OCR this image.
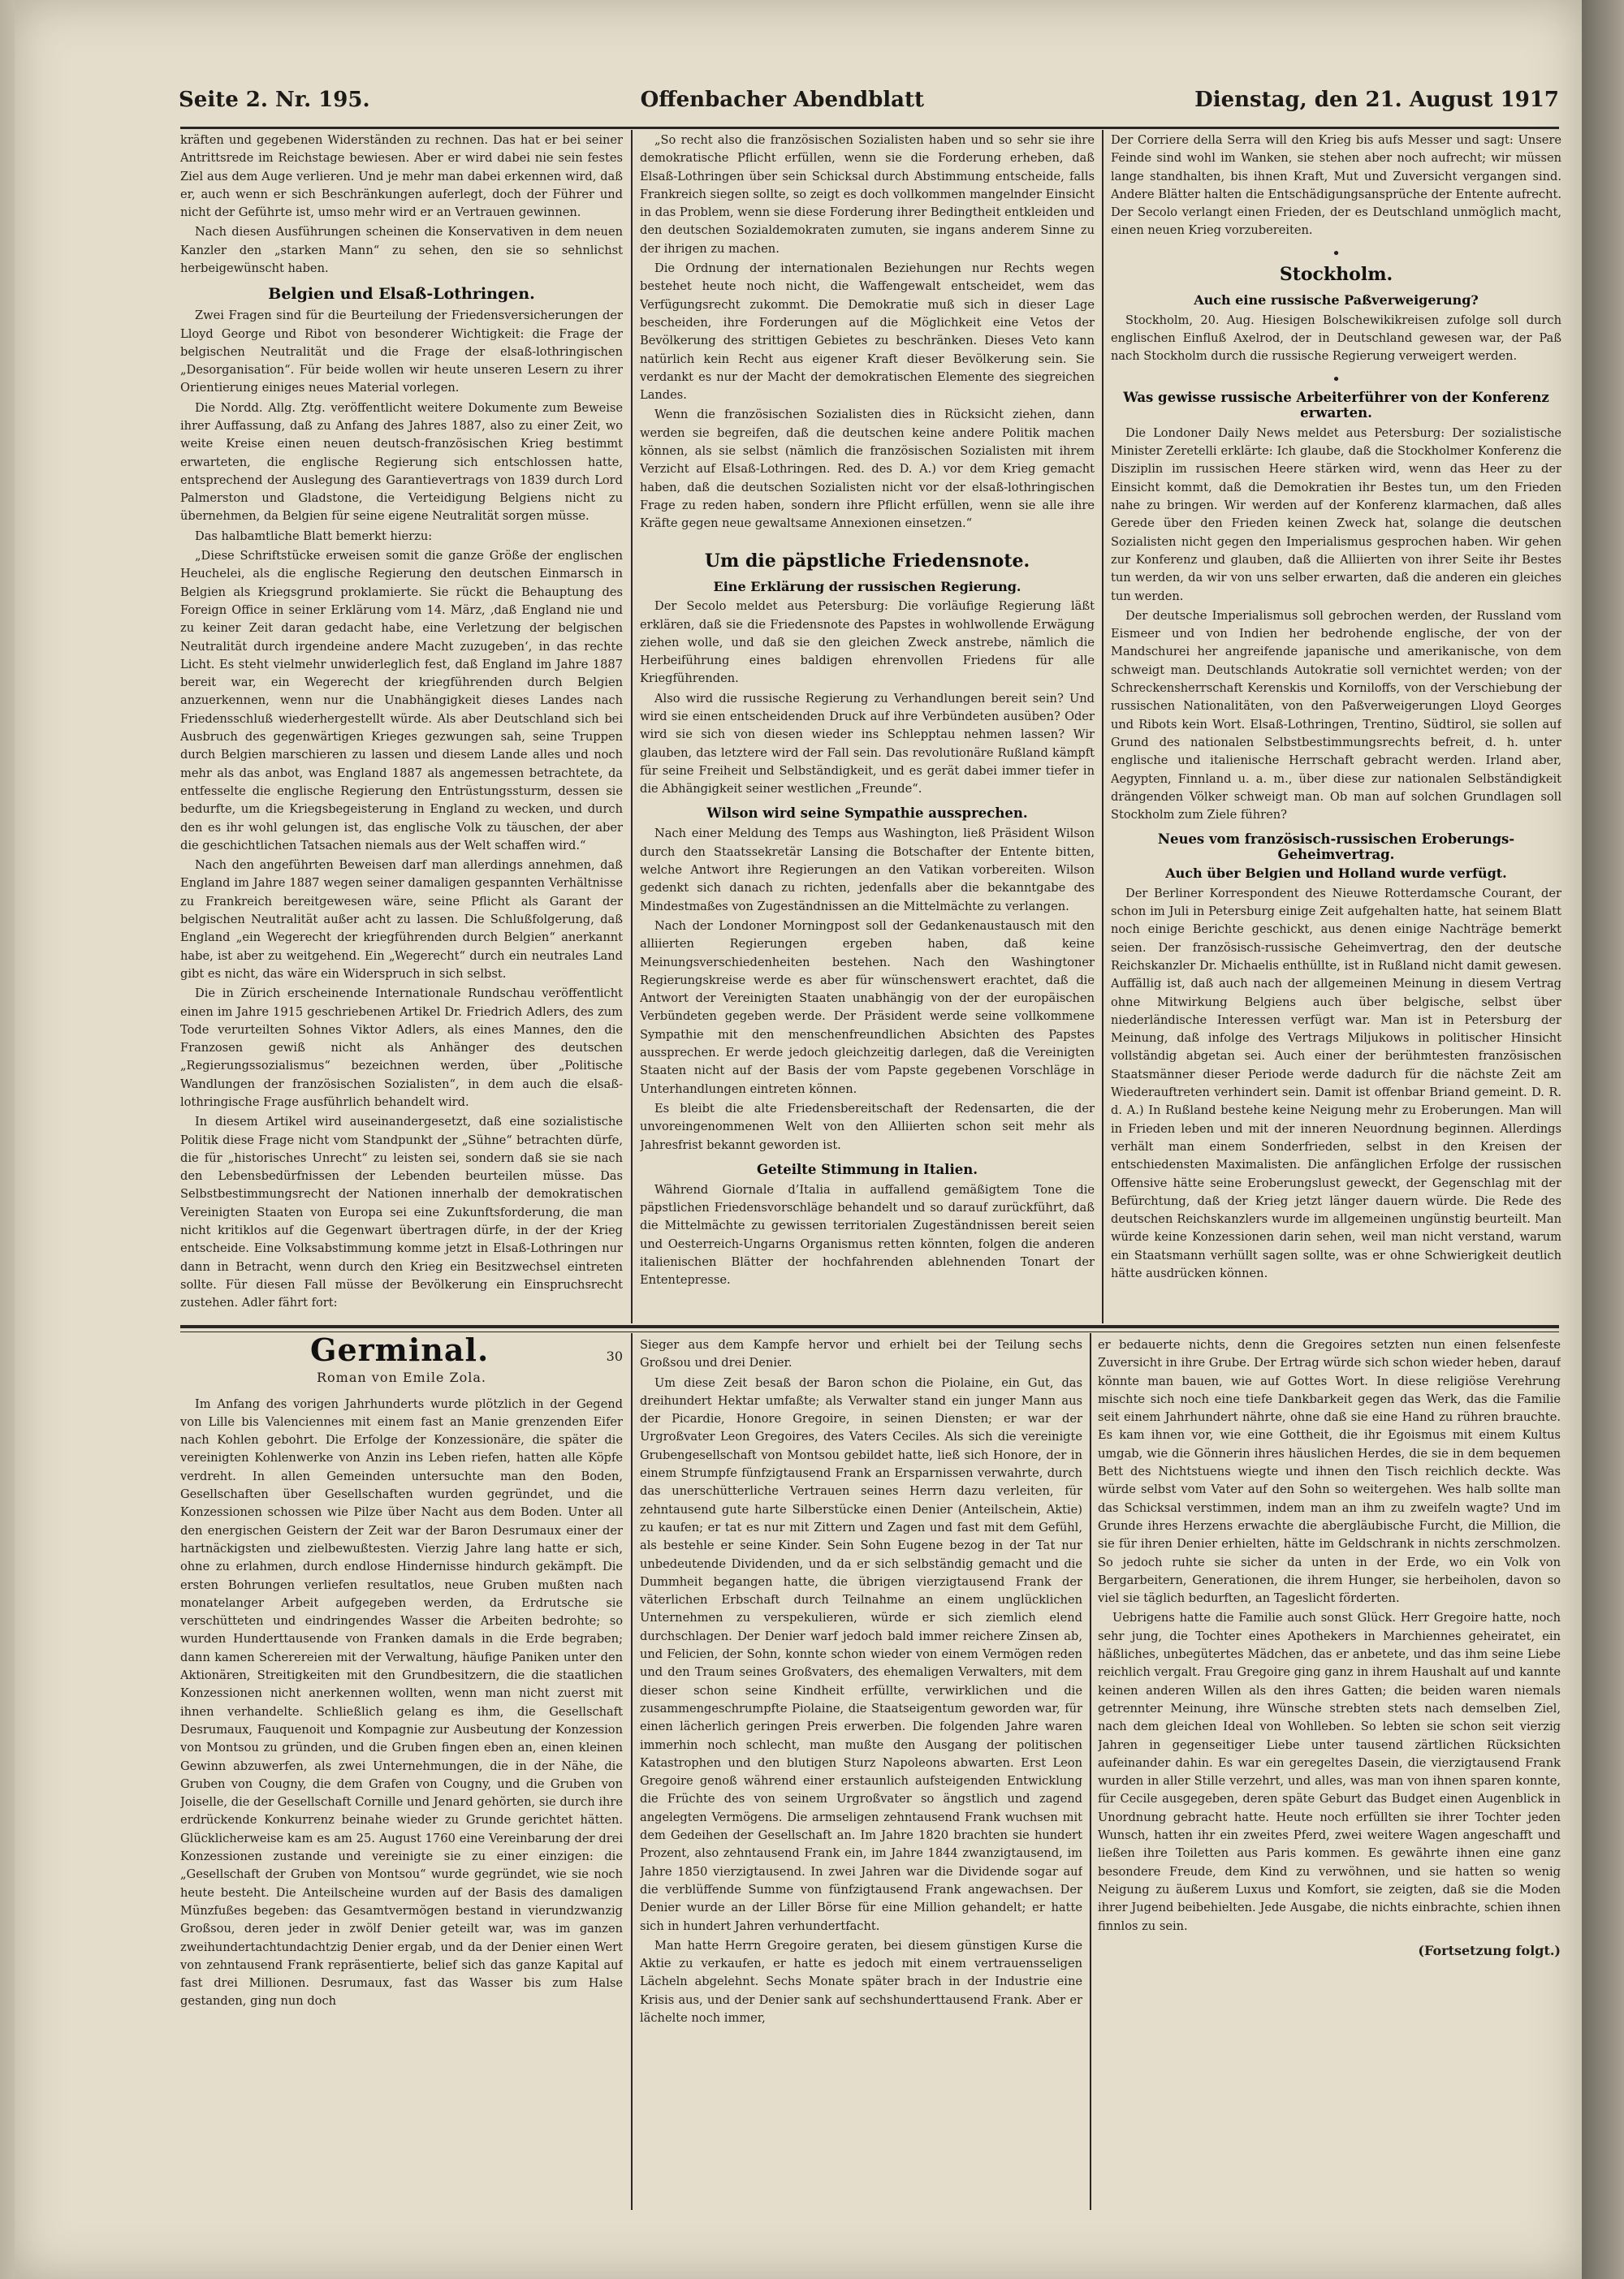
Seite 2. Nr. 195.	Offenbacher Abendblatt	Dienstag, den 21. August 1917

kräften und gegebenen Widerständen zu rechnen. Das hat er bei seiner Antrittsrede im Reichstage bewiesen. Aber er wird dabei nie sein festes Ziel aus dem Auge verlieren. Und je mehr man dabei erkennen wird, daß er, auch wenn er sich Beschränkungen auferlegt, doch der Führer und nicht der Geführte ist, umso mehr wird er an Vertrauen gewinnen.

Nach diesen Ausführungen scheinen die Konservativen in dem neuen Kanzler den „starken Mann“ zu sehen, den sie so sehnlichst herbeigewünscht haben.

Belgien und Elsaß-Lothringen.

Zwei Fragen sind für die Beurteilung der Friedensversicherungen der Lloyd George und Ribot von besonderer Wichtigkeit: die Frage der belgischen Neutralität und die Frage der elsaß-lothringischen „Desorganisation“. Für beide wollen wir heute unseren Lesern zu ihrer Orientierung einiges neues Material vorlegen.

Die Nordd. Allg. Ztg. veröffentlicht weitere Dokumente zum Beweise ihrer Auffassung, daß zu Anfang des Jahres 1887, also zu einer Zeit, wo weite Kreise einen neuen deutsch-französischen Krieg bestimmt erwarteten, die englische Regierung sich entschlossen hatte, entsprechend der Auslegung des Garantievertrags von 1839 durch Lord Palmerston und Gladstone, die Verteidigung Belgiens nicht zu übernehmen, da Belgien für seine eigene Neutralität sorgen müsse.

Das halbamtliche Blatt bemerkt hierzu:

„Diese Schriftstücke erweisen somit die ganze Größe der englischen Heuchelei, als die englische Regierung den deutschen Einmarsch in Belgien als Kriegsgrund proklamierte. Sie rückt die Behauptung des Foreign Office in seiner Erklärung vom 14. März, ‚daß England nie und zu keiner Zeit daran gedacht habe, eine Verletzung der belgischen Neutralität durch irgendeine andere Macht zuzugeben‘, in das rechte Licht. Es steht vielmehr unwiderleglich fest, daß England im Jahre 1887 bereit war, ein Wegerecht der kriegführenden durch Belgien anzuerkennen, wenn nur die Unabhängigkeit dieses Landes nach Friedensschluß wiederhergestellt würde. Als aber Deutschland sich bei Ausbruch des gegenwärtigen Krieges gezwungen sah, seine Truppen durch Belgien marschieren zu lassen und diesem Lande alles und noch mehr als das anbot, was England 1887 als angemessen betrachtete, da entfesselte die englische Regierung den Entrüstungssturm, dessen sie bedurfte, um die Kriegsbegeisterung in England zu wecken, und durch den es ihr wohl gelungen ist, das englische Volk zu täuschen, der aber die geschichtlichen Tatsachen niemals aus der Welt schaffen wird.“

Nach den angeführten Beweisen darf man allerdings annehmen, daß England im Jahre 1887 wegen seiner damaligen gespannten Verhältnisse zu Frankreich bereitgewesen wäre, seine Pflicht als Garant der belgischen Neutralität außer acht zu lassen. Die Schlußfolgerung, daß England „ein Wegerecht der kriegführenden durch Belgien“ anerkannt habe, ist aber zu weitgehend. Ein „Wegerecht“ durch ein neutrales Land gibt es nicht, das wäre ein Widerspruch in sich selbst.

Die in Zürich erscheinende Internationale Rundschau veröffentlicht einen im Jahre 1915 geschriebenen Artikel Dr. Friedrich Adlers, des zum Tode verurteilten Sohnes Viktor Adlers, als eines Mannes, den die Franzosen gewiß nicht als Anhänger des deutschen „Regierungssozialismus“ bezeichnen werden, über „Politische Wandlungen der französischen Sozialisten“, in dem auch die elsaß-lothringische Frage ausführlich behandelt wird.

In diesem Artikel wird auseinandergesetzt, daß eine sozialistische Politik diese Frage nicht vom Standpunkt der „Sühne“ betrachten dürfe, die für „historisches Unrecht“ zu leisten sei, sondern daß sie sie nach den Lebensbedürfnissen der Lebenden beurteilen müsse. Das Selbstbestimmungsrecht der Nationen innerhalb der demokratischen Vereinigten Staaten von Europa sei eine Zukunftsforderung, die man nicht kritiklos auf die Gegenwart übertragen dürfe, in der der Krieg entscheide. Eine Volksabstimmung komme jetzt in Elsaß-Lothringen nur dann in Betracht, wenn durch den Krieg ein Besitzwechsel eintreten sollte. Für diesen Fall müsse der Bevölkerung ein Einspruchsrecht zustehen. Adler fährt fort:

„So recht also die französischen Sozialisten haben und so sehr sie ihre demokratische Pflicht erfüllen, wenn sie die Forderung erheben, daß Elsaß-Lothringen über sein Schicksal durch Abstimmung entscheide, falls Frankreich siegen sollte, so zeigt es doch vollkommen mangelnder Einsicht in das Problem, wenn sie diese Forderung ihrer Bedingtheit entkleiden und den deutschen Sozialdemokraten zumuten, sie ingans anderem Sinne zu der ihrigen zu machen.

Die Ordnung der internationalen Beziehungen nur Rechts wegen bestehet heute noch nicht, die Waffengewalt entscheidet, wem das Verfügungsrecht zukommt. Die Demokratie muß sich in dieser Lage bescheiden, ihre Forderungen auf die Möglichkeit eine Vetos der Bevölkerung des strittigen Gebietes zu beschränken. Dieses Veto kann natürlich kein Recht aus eigener Kraft dieser Bevölkerung sein. Sie verdankt es nur der Macht der demokratischen Elemente des siegreichen Landes.

Wenn die französischen Sozialisten dies in Rücksicht ziehen, dann werden sie begreifen, daß die deutschen keine andere Politik machen können, als sie selbst (nämlich die französischen Sozialisten mit ihrem Verzicht auf Elsaß-Lothringen. Red. des D. A.) vor dem Krieg gemacht haben, daß die deutschen Sozialisten nicht vor der elsaß-lothringischen Frage zu reden haben, sondern ihre Pflicht erfüllen, wenn sie alle ihre Kräfte gegen neue gewaltsame Annexionen einsetzen.“

Um die päpstliche Friedensnote.
Eine Erklärung der russischen Regierung.

Der Secolo meldet aus Petersburg: Die vorläufige Regierung läßt erklären, daß sie die Friedensnote des Papstes in wohlwollende Erwägung ziehen wolle, und daß sie den gleichen Zweck anstrebe, nämlich die Herbeiführung eines baldigen ehrenvollen Friedens für alle Kriegführenden.

Also wird die russische Regierung zu Verhandlungen bereit sein? Und wird sie einen entscheidenden Druck auf ihre Verbündeten ausüben? Oder wird sie sich von diesen wieder ins Schlepptau nehmen lassen? Wir glauben, das letztere wird der Fall sein. Das revolutionäre Rußland kämpft für seine Freiheit und Selbständigkeit, und es gerät dabei immer tiefer in die Abhängigkeit seiner westlichen „Freunde“.

Wilson wird seine Sympathie aussprechen.

Nach einer Meldung des Temps aus Washington, ließ Präsident Wilson durch den Staatssekretär Lansing die Botschafter der Entente bitten, welche Antwort ihre Regierungen an den Vatikan vorbereiten. Wilson gedenkt sich danach zu richten, jedenfalls aber die bekanntgabe des Mindestmaßes von Zugeständnissen an die Mittelmächte zu verlangen.

Nach der Londoner Morningpost soll der Gedankenaustausch mit den alliierten Regierungen ergeben haben, daß keine Meinungsverschiedenheiten bestehen. Nach den Washingtoner Regierungskreise werde es aber für wünschenswert erachtet, daß die Antwort der Vereinigten Staaten unabhängig von der der europäischen Verbündeten gegeben werde. Der Präsident werde seine vollkommene Sympathie mit den menschenfreundlichen Absichten des Papstes aussprechen. Er werde jedoch gleichzeitig darlegen, daß die Vereinigten Staaten nicht auf der Basis der vom Papste gegebenen Vorschläge in Unterhandlungen eintreten können.

Es bleibt die alte Friedensbereitschaft der Redensarten, die der unvoreingenommenen Welt von den Alliierten schon seit mehr als Jahresfrist bekannt geworden ist.

Geteilte Stimmung in Italien.

Während Giornale d’Italia in auffallend gemäßigtem Tone die päpstlichen Friedensvorschläge behandelt und so darauf zurückführt, daß die Mittelmächte zu gewissen territorialen Zugeständnissen bereit seien und Oesterreich-Ungarns Organismus retten könnten, folgen die anderen italienischen Blätter der hochfahrenden ablehnenden Tonart der Ententepresse.

Der Corriere della Serra will den Krieg bis aufs Messer und sagt: Unsere Feinde sind wohl im Wanken, sie stehen aber noch aufrecht; wir müssen lange standhalten, bis ihnen Kraft, Mut und Zuversicht vergangen sind. Andere Blätter halten die Entschädigungsansprüche der Entente aufrecht. Der Secolo verlangt einen Frieden, der es Deutschland unmöglich macht, einen neuen Krieg vorzubereiten.

•
Stockholm.
Auch eine russische Paßverweigerung?

Stockholm, 20. Aug. Hiesigen Bolschewikikreisen zufolge soll durch englischen Einfluß Axelrod, der in Deutschland gewesen war, der Paß nach Stockholm durch die russische Regierung verweigert werden.

•
Was gewisse russische Arbeiterführer von der Konferenz erwarten.

Die Londoner Daily News meldet aus Petersburg: Der sozialistische Minister Zeretelli erklärte: Ich glaube, daß die Stockholmer Konferenz die Disziplin im russischen Heere stärken wird, wenn das Heer zu der Einsicht kommt, daß die Demokratien ihr Bestes tun, um den Frieden nahe zu bringen. Wir werden auf der Konferenz klarmachen, daß alles Gerede über den Frieden keinen Zweck hat, solange die deutschen Sozialisten nicht gegen den Imperialismus gesprochen haben. Wir gehen zur Konferenz und glauben, daß die Alliierten von ihrer Seite ihr Bestes tun werden, da wir von uns selber erwarten, daß die anderen ein gleiches tun werden.

Der deutsche Imperialismus soll gebrochen werden, der Russland vom Eismeer und von Indien her bedrohende englische, der von der Mandschurei her angreifende japanische und amerikanische, von dem schweigt man. Deutschlands Autokratie soll vernichtet werden; von der Schreckensherrschaft Kerenskis und Korniloffs, von der Verschiebung der russischen Nationalitäten, von den Paßverweigerungen Lloyd Georges und Ribots kein Wort. Elsaß-Lothringen, Trentino, Südtirol, sie sollen auf Grund des nationalen Selbstbestimmungsrechts befreit, d. h. unter englische und italienische Herrschaft gebracht werden. Irland aber, Aegypten, Finnland u. a. m., über diese zur nationalen Selbständigkeit drängenden Völker schweigt man. Ob man auf solchen Grundlagen soll Stockholm zum Ziele führen?

Neues vom französisch-russischen Eroberungs-Geheimvertrag.
Auch über Belgien und Holland wurde verfügt.

Der Berliner Korrespondent des Nieuwe Rotterdamsche Courant, der schon im Juli in Petersburg einige Zeit aufgehalten hatte, hat seinem Blatt noch einige Berichte geschickt, aus denen einige Nachträge bemerkt seien. Der französisch-russische Geheimvertrag, den der deutsche Reichskanzler Dr. Michaelis enthüllte, ist in Rußland nicht damit gewesen. Auffällig ist, daß auch nach der allgemeinen Meinung in diesem Vertrag ohne Mitwirkung Belgiens auch über belgische, selbst über niederländische Interessen verfügt war. Man ist in Petersburg der Meinung, daß infolge des Vertrags Miljukows in politischer Hinsicht vollständig abgetan sei. Auch einer der berühmtesten französischen Staatsmänner dieser Periode werde dadurch für die nächste Zeit am Wiederauftreten verhindert sein. Damit ist offenbar Briand gemeint. D. R. d. A.) In Rußland bestehe keine Neigung mehr zu Eroberungen. Man will in Frieden leben und mit der inneren Neuordnung beginnen. Allerdings verhält man einem Sonderfrieden, selbst in den Kreisen der entschiedensten Maximalisten. Die anfänglichen Erfolge der russischen Offensive hätte seine Eroberungslust geweckt, der Gegenschlag mit der Befürchtung, daß der Krieg jetzt länger dauern würde. Die Rede des deutschen Reichskanzlers wurde im allgemeinen ungünstig beurteilt. Man würde keine Konzessionen darin sehen, weil man nicht verstand, warum ein Staatsmann verhüllt sagen sollte, was er ohne Schwierigkeit deutlich hätte ausdrücken können.

Germinal.	30
Roman von Emile Zola.

Im Anfang des vorigen Jahrhunderts wurde plötzlich in der Gegend von Lille bis Valenciennes mit einem fast an Manie grenzenden Eifer nach Kohlen gebohrt. Die Erfolge der Konzessionäre, die später die vereinigten Kohlenwerke von Anzin ins Leben riefen, hatten alle Köpfe verdreht. In allen Gemeinden untersuchte man den Boden, Gesellschaften über Gesellschaften wurden gegründet, und die Konzessionen schossen wie Pilze über Nacht aus dem Boden. Unter all den energischen Geistern der Zeit war der Baron Desrumaux einer der hartnäckigsten und zielbewußtesten. Vierzig Jahre lang hatte er sich, ohne zu erlahmen, durch endlose Hindernisse hindurch gekämpft. Die ersten Bohrungen verliefen resultatlos, neue Gruben mußten nach monatelanger Arbeit aufgegeben werden, da Erdrutsche sie verschütteten und eindringendes Wasser die Arbeiten bedrohte; so wurden Hunderttausende von Franken damals in die Erde begraben; dann kamen Scherereien mit der Verwaltung, häufige Paniken unter den Aktionären, Streitigkeiten mit den Grundbesitzern, die die staatlichen Konzessionen nicht anerkennen wollten, wenn man nicht zuerst mit ihnen verhandelte. Schließlich gelang es ihm, die Gesellschaft Desrumaux, Fauquenoit und Kompagnie zur Ausbeutung der Konzession von Montsou zu gründen, und die Gruben fingen eben an, einen kleinen Gewinn abzuwerfen, als zwei Unternehmungen, die in der Nähe, die Gruben von Cougny, die dem Grafen von Cougny, und die Gruben von Joiselle, die der Gesellschaft Cornille und Jenard gehörten, sie durch ihre erdrückende Konkurrenz beinahe wieder zu Grunde gerichtet hätten. Glücklicherweise kam es am 25. August 1760 eine Vereinbarung der drei Konzessionen zustande und vereinigte sie zu einer einzigen: die „Gesellschaft der Gruben von Montsou“ wurde gegründet, wie sie noch heute besteht. Die Anteilscheine wurden auf der Basis des damaligen Münzfußes begeben: das Gesamtvermögen bestand in vierundzwanzig Großsou, deren jeder in zwölf Denier geteilt war, was im ganzen zweihundertachtundachtzig Denier ergab, und da der Denier einen Wert von zehntausend Frank repräsentierte, belief sich das ganze Kapital auf fast drei Millionen. Desrumaux, fast das Wasser bis zum Halse gestanden, ging nun doch

Sieger aus dem Kampfe hervor und erhielt bei der Teilung sechs Großsou und drei Denier.

Um diese Zeit besaß der Baron schon die Piolaine, ein Gut, das dreihundert Hektar umfaßte; als Verwalter stand ein junger Mann aus der Picardie, Honore Gregoire, in seinen Diensten; er war der Urgroßvater Leon Gregoires, des Vaters Ceciles. Als sich die vereinigte Grubengesellschaft von Montsou gebildet hatte, ließ sich Honore, der in einem Strumpfe fünfzigtausend Frank an Ersparnissen verwahrte, durch das unerschütterliche Vertrauen seines Herrn dazu verleiten, für zehntausend gute harte Silberstücke einen Denier (Anteilschein, Aktie) zu kaufen; er tat es nur mit Zittern und Zagen und fast mit dem Gefühl, als bestehle er seine Kinder. Sein Sohn Eugene bezog in der Tat nur unbedeutende Dividenden, und da er sich selbständig gemacht und die Dummheit begangen hatte, die übrigen vierzigtausend Frank der väterlichen Erbschaft durch Teilnahme an einem unglücklichen Unternehmen zu verspekulieren, würde er sich ziemlich elend durchschlagen. Der Denier warf jedoch bald immer reichere Zinsen ab, und Felicien, der Sohn, konnte schon wieder von einem Vermögen reden und den Traum seines Großvaters, des ehemaligen Verwalters, mit dem dieser schon seine Kindheit erfüllte, verwirklichen und die zusammengeschrumpfte Piolaine, die Staatseigentum geworden war, für einen lächerlich geringen Preis erwerben. Die folgenden Jahre waren immerhin noch schlecht, man mußte den Ausgang der politischen Katastrophen und den blutigen Sturz Napoleons abwarten. Erst Leon Gregoire genoß während einer erstaunlich aufsteigenden Entwicklung die Früchte des von seinem Urgroßvater so ängstlich und zagend angelegten Vermögens. Die armseligen zehntausend Frank wuchsen mit dem Gedeihen der Gesellschaft an. Im Jahre 1820 brachten sie hundert Prozent, also zehntausend Frank ein, im Jahre 1844 zwanzigtausend, im Jahre 1850 vierzigtausend. In zwei Jahren war die Dividende sogar auf die verblüffende Summe von fünfzigtausend Frank angewachsen. Der Denier wurde an der Liller Börse für eine Million gehandelt; er hatte sich in hundert Jahren verhundertfacht.

Man hatte Herrn Gregoire geraten, bei diesem günstigen Kurse die Aktie zu verkaufen, er hatte es jedoch mit einem vertrauensseligen Lächeln abgelehnt. Sechs Monate später brach in der Industrie eine Krisis aus, und der Denier sank auf sechshunderttausend Frank. Aber er lächelte noch immer,

er bedauerte nichts, denn die Gregoires setzten nun einen felsenfeste Zuversicht in ihre Grube. Der Ertrag würde sich schon wieder heben, darauf könnte man bauen, wie auf Gottes Wort. In diese religiöse Verehrung mischte sich noch eine tiefe Dankbarkeit gegen das Werk, das die Familie seit einem Jahrhundert nährte, ohne daß sie eine Hand zu rühren brauchte. Es kam ihnen vor, wie eine Gottheit, die ihr Egoismus mit einem Kultus umgab, wie die Gönnerin ihres häuslichen Herdes, die sie in dem bequemen Bett des Nichtstuens wiegte und ihnen den Tisch reichlich deckte. Was würde selbst vom Vater auf den Sohn so weitergehen. Wes halb sollte man das Schicksal verstimmen, indem man an ihm zu zweifeln wagte? Und im Grunde ihres Herzens erwachte die abergläubische Furcht, die Million, die sie für ihren Denier erhielten, hätte im Geldschrank in nichts zerschmolzen. So jedoch ruhte sie sicher da unten in der Erde, wo ein Volk von Bergarbeitern, Generationen, die ihrem Hunger, sie herbeiholen, davon so viel sie täglich bedurften, an Tageslicht förderten.

Uebrigens hatte die Familie auch sonst Glück. Herr Gregoire hatte, noch sehr jung, die Tochter eines Apothekers in Marchiennes geheiratet, ein häßliches, unbegütertes Mädchen, das er anbetete, und das ihm seine Liebe reichlich vergalt. Frau Gregoire ging ganz in ihrem Haushalt auf und kannte keinen anderen Willen als den ihres Gatten; die beiden waren niemals getrennter Meinung, ihre Wünsche strebten stets nach demselben Ziel, nach dem gleichen Ideal von Wohlleben. So lebten sie schon seit vierzig Jahren in gegenseitiger Liebe unter tausend zärtlichen Rücksichten aufeinander dahin. Es war ein geregeltes Dasein, die vierzigtausend Frank wurden in aller Stille verzehrt, und alles, was man von ihnen sparen konnte, für Cecile ausgegeben, deren späte Geburt das Budget einen Augenblick in Unordnung gebracht hatte. Heute noch erfüllten sie ihrer Tochter jeden Wunsch, hatten ihr ein zweites Pferd, zwei weitere Wagen angeschafft und ließen ihre Toiletten aus Paris kommen. Es gewährte ihnen eine ganz besondere Freude, dem Kind zu verwöhnen, und sie hatten so wenig Neigung zu äußerem Luxus und Komfort, sie zeigten, daß sie die Moden ihrer Jugend beibehielten. Jede Ausgabe, die nichts einbrachte, schien ihnen finnlos zu sein.

(Fortsetzung folgt.)
